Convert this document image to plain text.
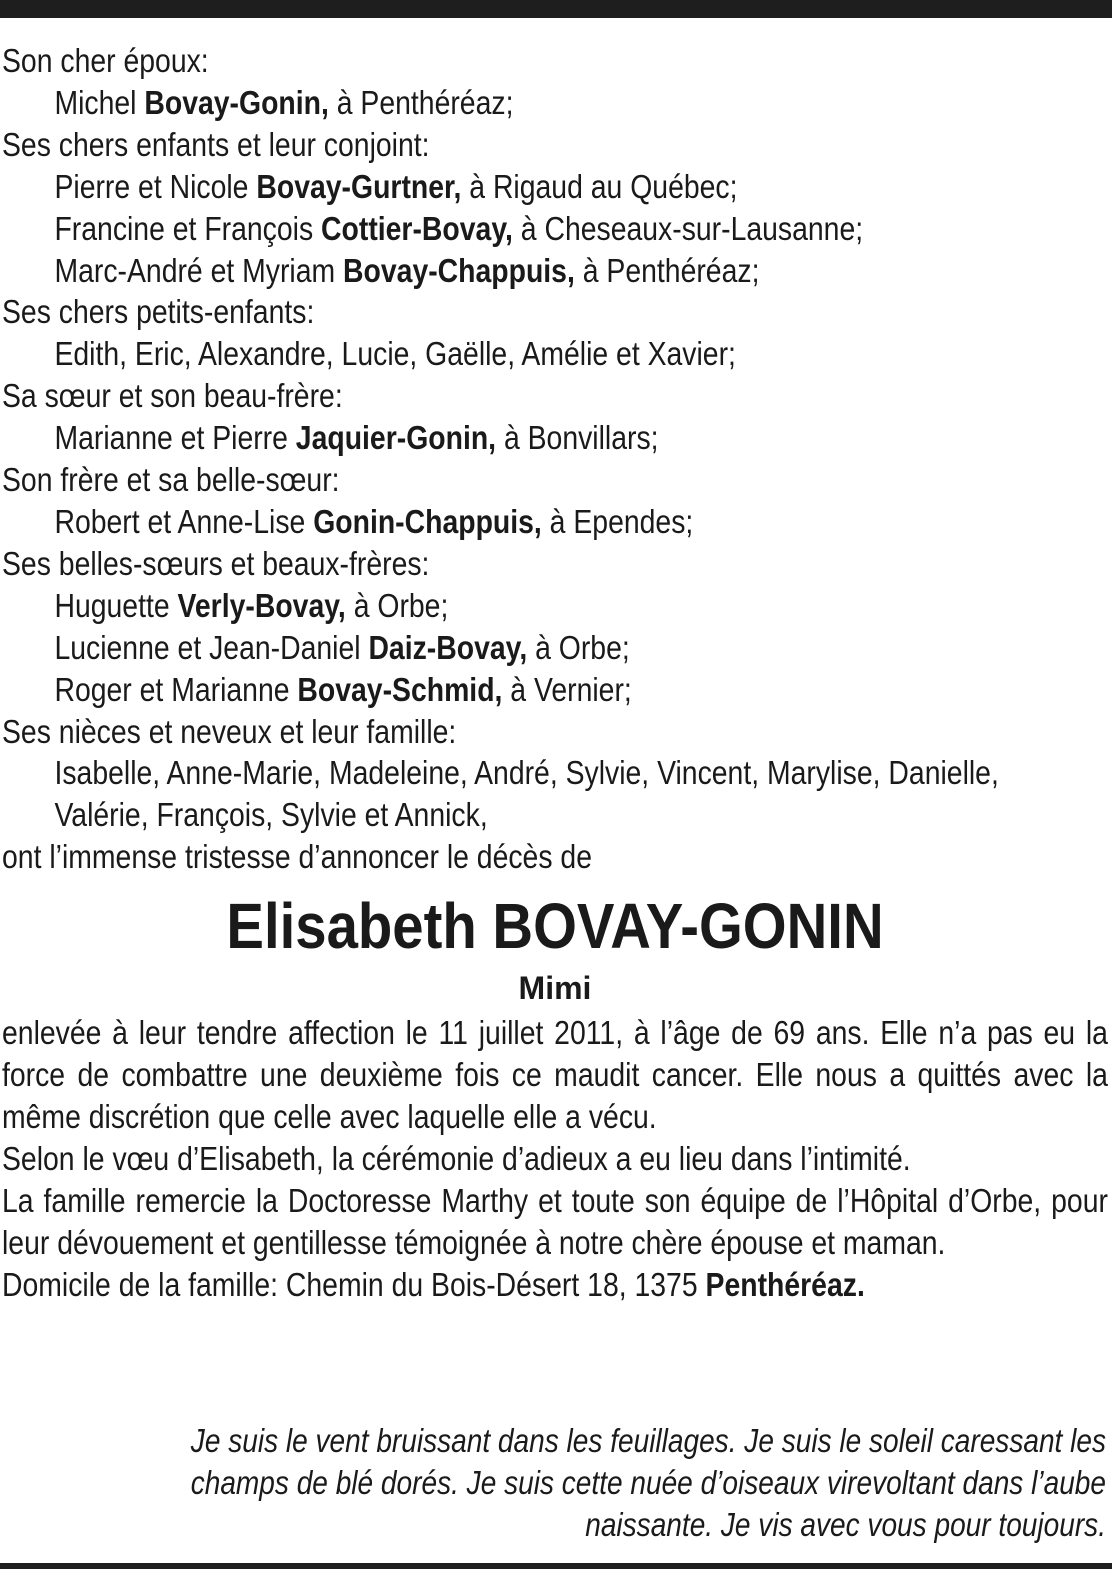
Son cher époux:
Michel Bovay-Gonin, à Penthéréaz;
Ses chers enfants et leur conjoint:
Pierre et Nicole Bovay-Gurtner, à Rigaud au Québec;
Francine et François Cottier-Bovay, à Cheseaux-sur-Lausanne;
Marc-André et Myriam Bovay-Chappuis, à Penthéréaz;
Ses chers petits-enfants:
Edith, Eric, Alexandre, Lucie, Gaëlle, Amélie et Xavier;
Sa sœur et son beau-frère:
Marianne et Pierre Jaquier-Gonin, à Bonvillars;
Son frère et sa belle-sœur:
Robert et Anne-Lise Gonin-Chappuis, à Ependes;
Ses belles-sœurs et beaux-frères:
Huguette Verly-Bovay, à Orbe;
Lucienne et Jean-Daniel Daiz-Bovay, à Orbe;
Roger et Marianne Bovay-Schmid, à Vernier;
Ses nièces et neveux et leur famille:
Isabelle, Anne-Marie, Madeleine, André, Sylvie, Vincent, Marylise, Danielle,
Valérie, François, Sylvie et Annick,
ont l’immense tristesse d’annoncer le décès de
Elisabeth BOVAY-GONIN
Mimi
enlevée à leur tendre affection le 11 juillet 2011, à l’âge de 69 ans. Elle n’a pas eu la force de combattre une deuxième fois ce maudit cancer. Elle nous a quittés avec la même discrétion que celle avec laquelle elle a vécu.
Selon le vœu d’Elisabeth, la cérémonie d’adieux a eu lieu dans l’intimité.
La famille remercie la Doctoresse Marthy et toute son équipe de l’Hôpital d’Orbe, pour leur dévouement et gentillesse témoignée à notre chère épouse et maman.
Domicile de la famille: Chemin du Bois-Désert 18, 1375 Penthéréaz.
Je suis le vent bruissant dans les feuillages. Je suis le soleil caressant les
champs de blé dorés. Je suis cette nuée d’oiseaux virevoltant dans l’aube
naissante. Je vis avec vous pour toujours.
